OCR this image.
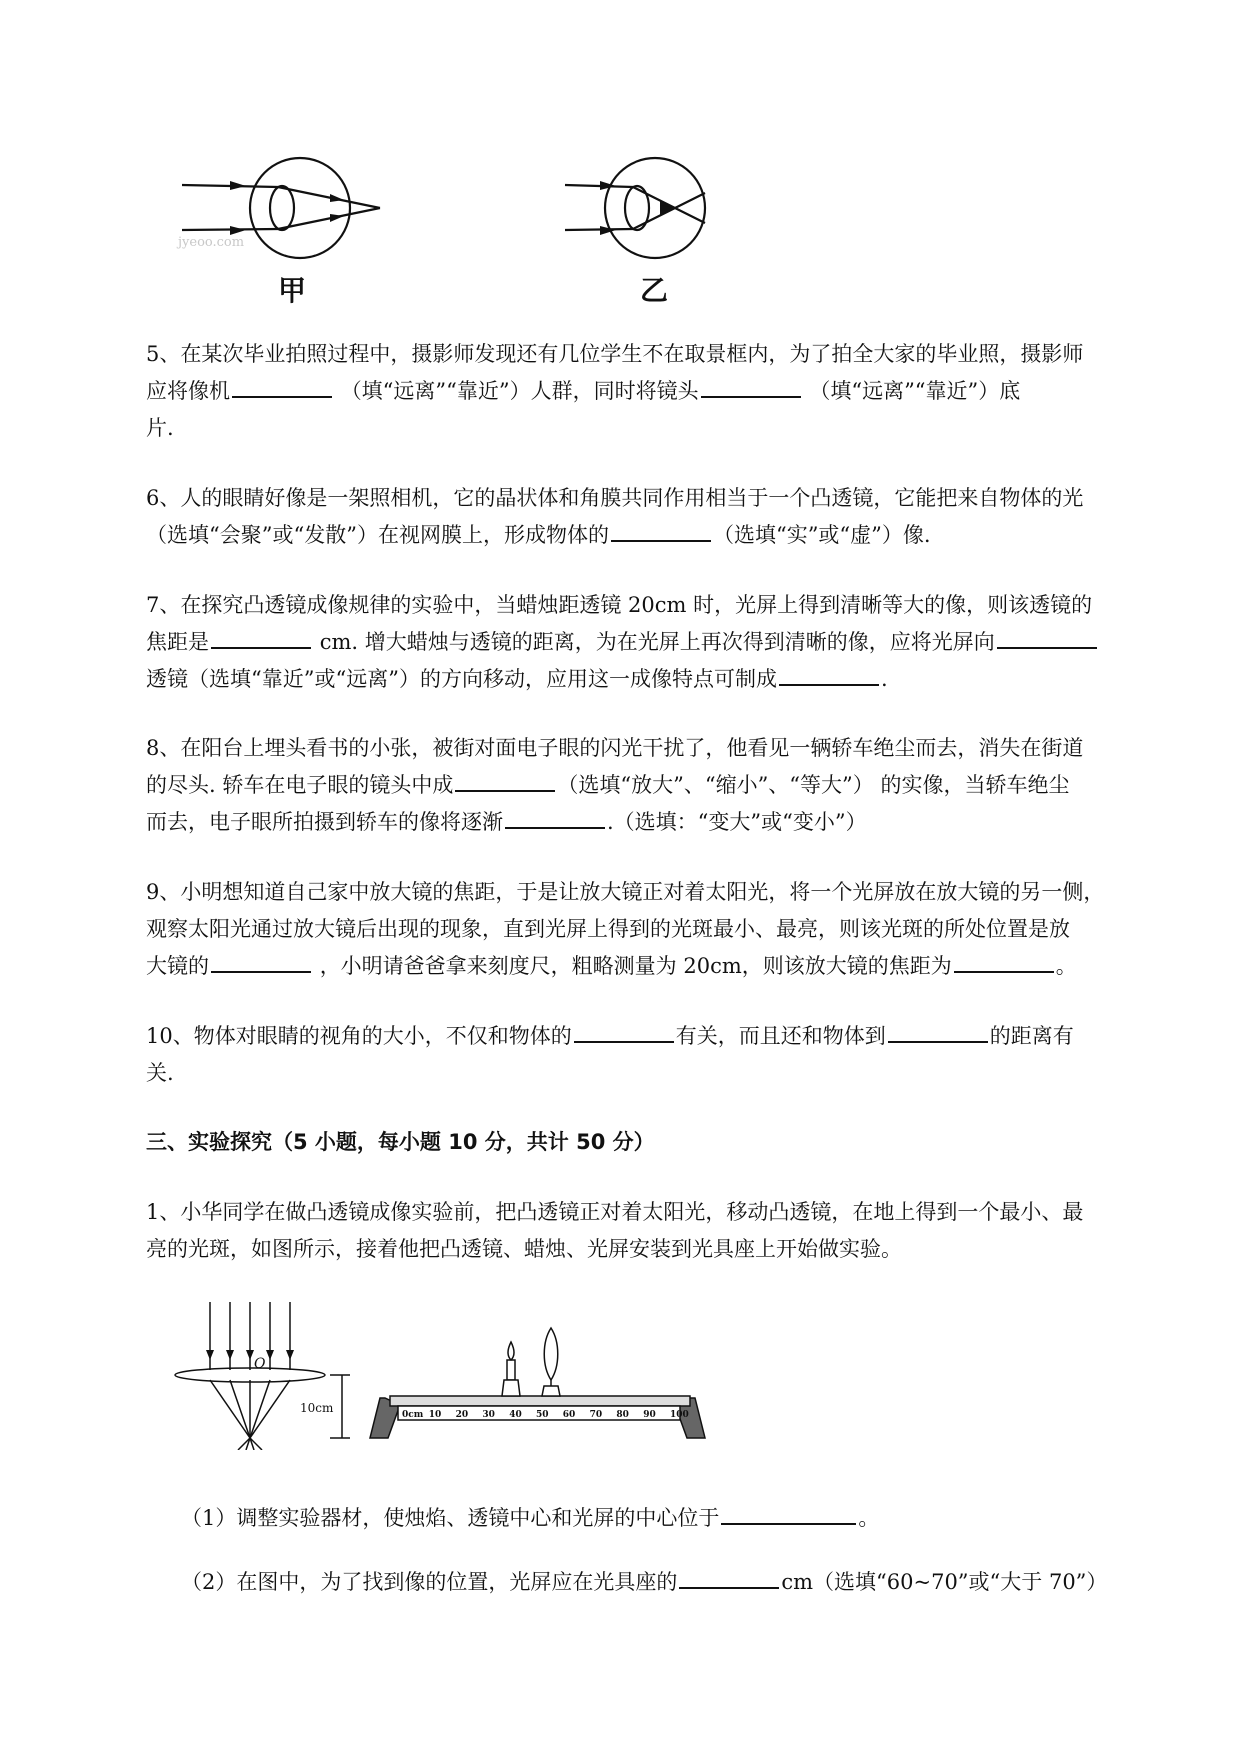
jyeoo.com
甲	乙
5、在某次毕业拍照过程中，摄影师发现还有几位学生不在取景框内，为了拍全大家的毕业照，摄影师
应将像机	（填“远离”“靠近”）人群，同时将镜头	（填“远离”“靠近”）底
片.
6、人的眼睛好像是一架照相机，它的晶状体和角膜共同作用相当于一个凸透镜，它能把来自物体的光
（选填“会聚”或“发散”）在视网膜上，形成物体的	（选填“实”或“虚”）像.
7、在探究凸透镜成像规律的实验中，当蜡烛距透镜 20cm 时，光屏上得到清晰等大的像，则该透镜的
焦距是	cm. 增大蜡烛与透镜的距离，为在光屏上再次得到清晰的像，应将光屏向
透镜（选填“靠近”或“远离”）的方向移动，应用这一成像特点可制成	.
8、在阳台上埋头看书的小张，被街对面电子眼的闪光干扰了，他看见一辆轿车绝尘而去，消失在街道
的尽头. 轿车在电子眼的镜头中成	（选填“放大”、“缩小”、“等大”） 的实像，当轿车绝尘
而去，电子眼所拍摄到轿车的像将逐渐	.（选填：“变大”或“变小”）
9、小明想知道自己家中放大镜的焦距，于是让放大镜正对着太阳光，将一个光屏放在放大镜的另一侧，
观察太阳光通过放大镜后出现的现象，直到光屏上得到的光斑最小、最亮，则该光斑的所处位置是放
大镜的	，小明请爸爸拿来刻度尺，粗略测量为 20cm，则该放大镜的焦距为	。
10、物体对眼睛的视角的大小，不仅和物体的	有关，而且还和物体到	的距离有
关.
三、实验探究（5 小题，每小题 10 分，共计 50 分）
1、小华同学在做凸透镜成像实验前，把凸透镜正对着太阳光，移动凸透镜，在地上得到一个最小、最
亮的光斑，如图所示，接着他把凸透镜、蜡烛、光屏安装到光具座上开始做实验。
O
10cm	0cm 10 20 30 40 50 60 70 80 90 100
（1）调整实验器材，使烛焰、透镜中心和光屏的中心位于	。
（2）在图中，为了找到像的位置，光屏应在光具座的	cm（选填“60~70”或“大于 70”）
